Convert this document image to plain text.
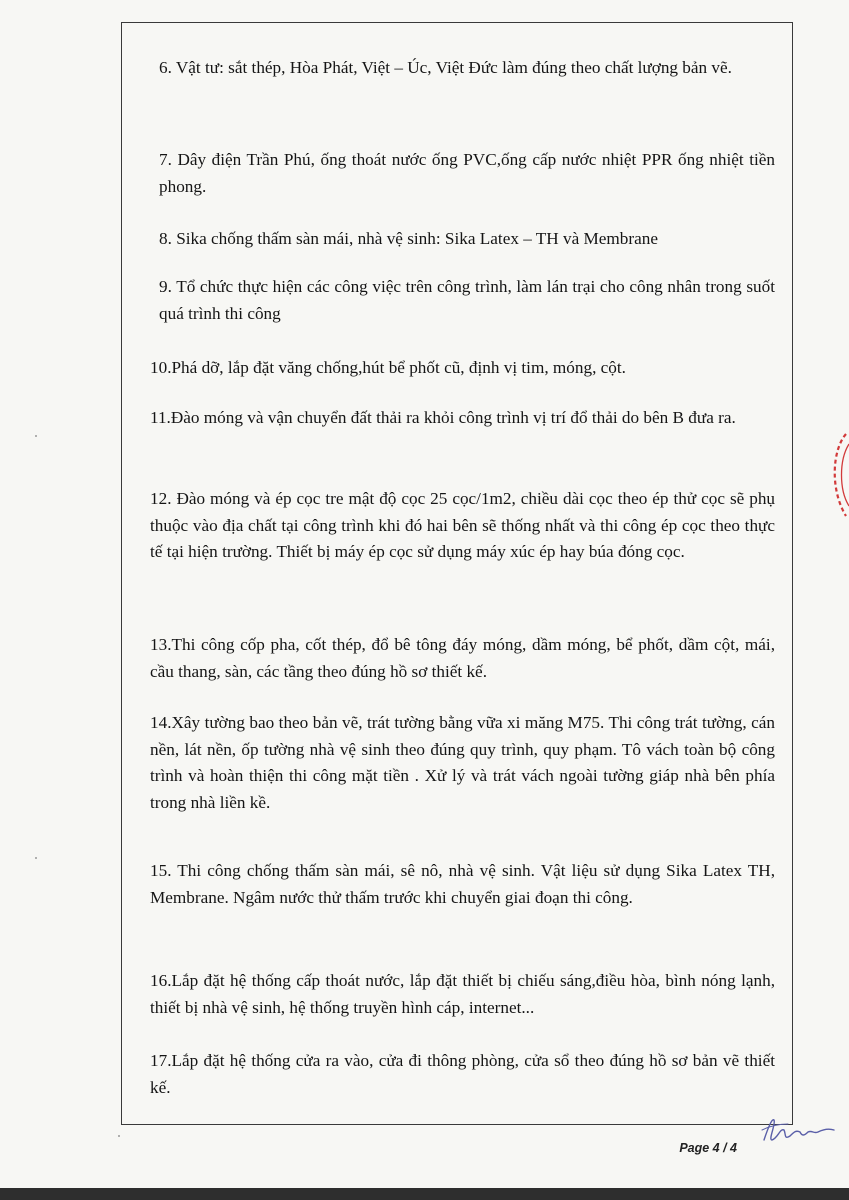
6. Vật tư: sắt thép, Hòa Phát, Việt – Úc, Việt Đức làm đúng theo chất lượng bản vẽ.

7. Dây điện Trần Phú, ống thoát nước ống PVC,ống cấp nước nhiệt PPR ống nhiệt tiền phong.

8. Sika chống thấm sàn mái, nhà vệ sinh: Sika Latex – TH và Membrane

9. Tổ chức thực hiện các công việc trên công trình, làm lán trại cho công nhân trong suốt quá trình thi công

10.Phá dỡ, lắp đặt văng chống,hút bể phốt cũ, định vị tim, móng, cột.

11.Đào móng và vận chuyển đất thải ra khỏi công trình vị trí đổ thải do bên B đưa ra.

12. Đào móng và ép cọc tre mật độ cọc 25 cọc/1m2, chiều dài cọc theo ép thử cọc sẽ phụ thuộc vào địa chất tại công trình khi đó hai bên sẽ thống nhất và thi công ép cọc theo thực tế tại hiện trường. Thiết bị máy ép cọc sử dụng máy xúc ép hay búa đóng cọc.

13.Thi công cốp pha, cốt thép, đổ bê tông đáy móng, dầm móng, bể phốt, dầm cột, mái, cầu thang, sàn, các tầng theo đúng hồ sơ thiết kế.

14.Xây tường bao theo bản vẽ, trát tường bằng vữa xi măng M75. Thi công trát tường, cán nền, lát nền, ốp tường nhà vệ sinh theo đúng quy trình, quy phạm. Tô vách toàn bộ công trình và hoàn thiện thi công mặt tiền . Xử lý và trát vách ngoài tường giáp nhà bên phía trong nhà liền kề.

15. Thi công chống thấm sàn mái, sê nô, nhà vệ sinh. Vật liệu sử dụng Sika Latex TH, Membrane. Ngâm nước thử thấm trước khi chuyển giai đoạn thi công.

16.Lắp đặt hệ thống cấp thoát nước, lắp đặt thiết bị chiếu sáng,điều hòa, bình nóng lạnh, thiết bị nhà vệ sinh, hệ thống truyền hình cáp, internet...

17.Lắp đặt hệ thống cửa ra vào, cửa đi thông phòng, cửa sổ theo đúng hồ sơ bản vẽ thiết kế.

Page 4 / 4
